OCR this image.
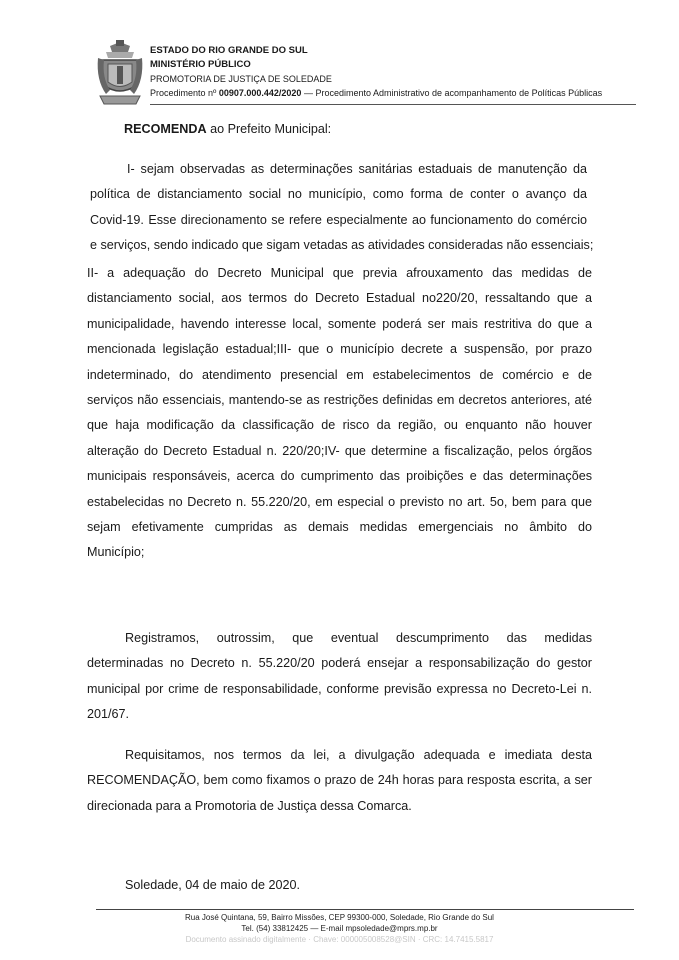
ESTADO DO RIO GRANDE DO SUL
MINISTÉRIO PÚBLICO
PROMOTORIA DE JUSTIÇA DE SOLEDADE
Procedimento nº 00907.000.442/2020 — Procedimento Administrativo de acompanhamento de Políticas Públicas
RECOMENDA ao Prefeito Municipal:
I- sejam observadas as determinações sanitárias estaduais de manutenção da
política de distanciamento social no município, como forma de conter o avanço da
Covid-19. Esse direcionamento se refere especialmente ao funcionamento do comércio
e serviços, sendo indicado que sigam vetadas as atividades consideradas não essenciais;
II- a adequação do Decreto Municipal que previa afrouxamento das medidas de
distanciamento social, aos termos do Decreto Estadual no220/20, ressaltando que a
municipalidade, havendo interesse local, somente poderá ser mais restritiva do que a
mencionada legislação estadual;III- que o município decrete a suspensão, por prazo
indeterminado, do atendimento presencial em estabelecimentos de comércio e de
serviços não essenciais, mantendo-se as restrições definidas em decretos anteriores, até
que haja modificação da classificação de risco da região, ou enquanto não houver
alteração do Decreto Estadual n. 220/20;IV- que determine a fiscalização, pelos órgãos
municipais responsáveis, acerca do cumprimento das proibições e das determinações
estabelecidas no Decreto n. 55.220/20, em especial o previsto no art. 5o, bem para que
sejam efetivamente cumpridas as demais medidas emergenciais no âmbito do
Município;
Registramos, outrossim, que eventual descumprimento das medidas
determinadas no Decreto n. 55.220/20 poderá ensejar a responsabilização do gestor
municipal por crime de responsabilidade, conforme previsão expressa no Decreto-Lei n.
201/67.
Requisitamos, nos termos da lei, a divulgação adequada e imediata desta
RECOMENDAÇÃO, bem como fixamos o prazo de 24h horas para resposta escrita, a ser
direcionada para a Promotoria de Justiça dessa Comarca.
Soledade, 04 de maio de 2020.
Rua José Quintana, 59, Bairro Missões, CEP 99300-000, Soledade, Rio Grande do Sul
Tel. (54) 33812425 — E-mail mpsoledade@mprs.mp.br
Documento assinado digitalmente · Chave: 000005008528@SIN · CRC: 14.7415.5817
